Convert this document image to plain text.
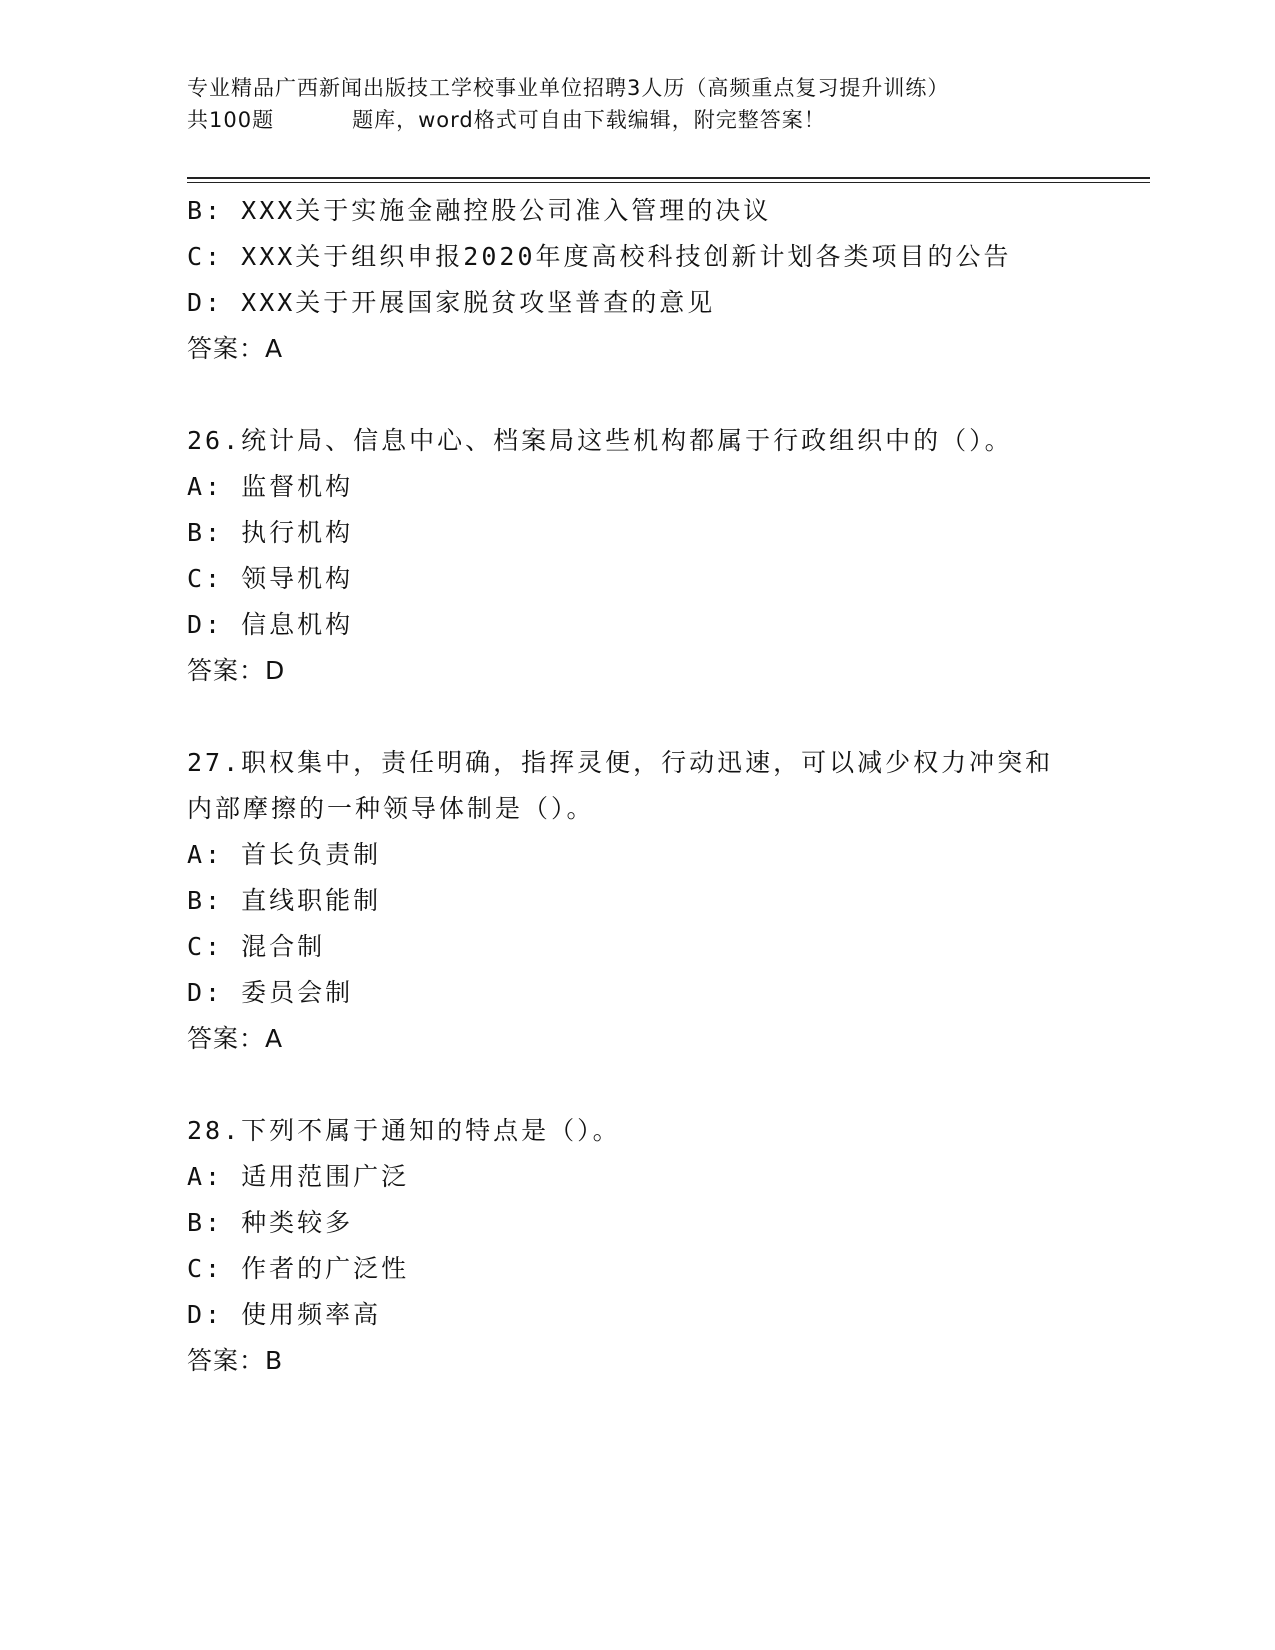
专业精品广西新闻出版技工学校事业单位招聘3人历（高频重点复习提升训练）
共100题	题库，word格式可自由下载编辑，附完整答案！
B: XXX关于实施金融控股公司准入管理的决议
C: XXX关于组织申报2020年度高校科技创新计划各类项目的公告
D: XXX关于开展国家脱贫攻坚普查的意见
答案：A
26.统计局、信息中心、档案局这些机构都属于行政组织中的（）。
A: 监督机构
B: 执行机构
C: 领导机构
D: 信息机构
答案：D
27.职权集中，责任明确，指挥灵便，行动迅速，可以减少权力冲突和
内部摩擦的一种领导体制是（）。
A: 首长负责制
B: 直线职能制
C: 混合制
D: 委员会制
答案：A
28.下列不属于通知的特点是（）。
A: 适用范围广泛
B: 种类较多
C: 作者的广泛性
D: 使用频率高
答案：B
